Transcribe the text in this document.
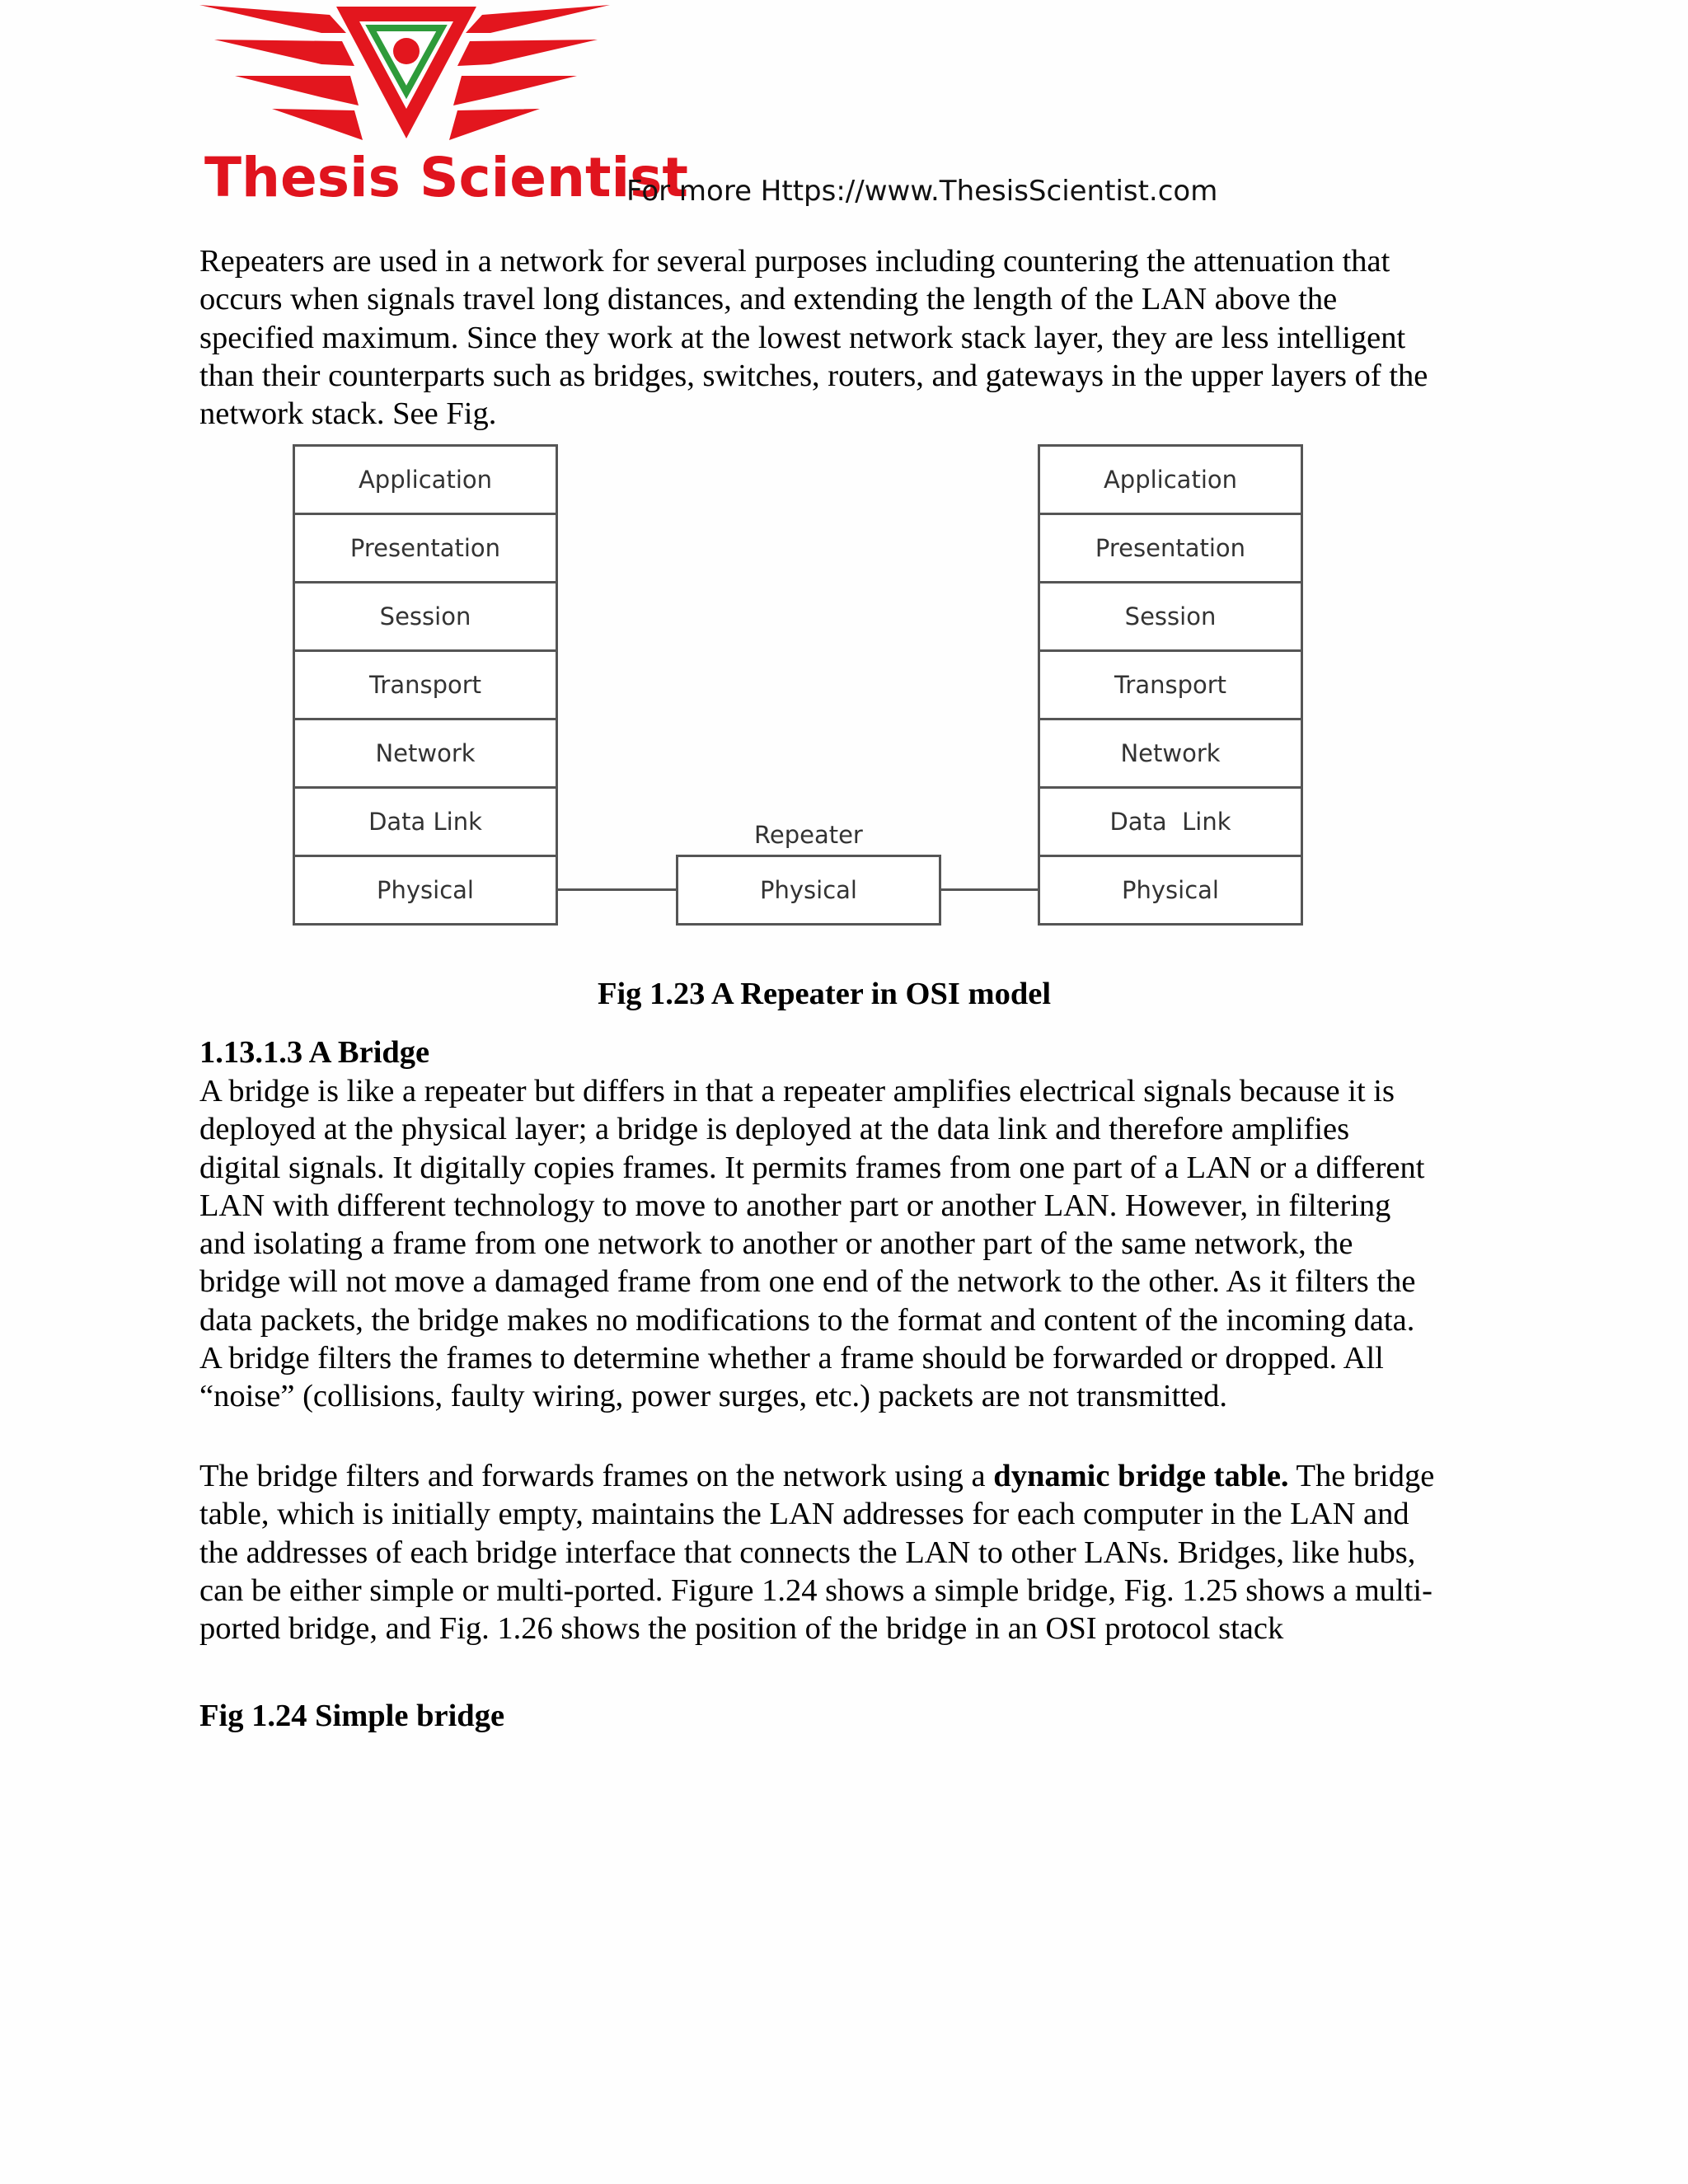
Thesis Scientist
For more Https://www.ThesisScientist.com

Repeaters are used in a network for several purposes including countering the attenuation that
occurs when signals travel long distances, and extending the length of the LAN above the
specified maximum. Since they work at the lowest network stack layer, they are less intelligent
than their counterparts such as bridges, switches, routers, and gateways in the upper layers of the
network stack. See Fig.

Application
Presentation
Session
Transport
Network
Data Link
Physical
Repeater
Physical
Application
Presentation
Session
Transport
Network
Data  Link
Physical
Fig 1.23 A Repeater in OSI model
1.13.1.3 A Bridge

A bridge is like a repeater but differs in that a repeater amplifies electrical signals because it is
deployed at the physical layer; a bridge is deployed at the data link and therefore amplifies
digital signals. It digitally copies frames. It permits frames from one part of a LAN or a different
LAN with different technology to move to another part or another LAN. However, in filtering
and isolating a frame from one network to another or another part of the same network, the
bridge will not move a damaged frame from one end of the network to the other. As it filters the
data packets, the bridge makes no modifications to the format and content of the incoming data.
A bridge filters the frames to determine whether a frame should be forwarded or dropped. All
“noise” (collisions, faulty wiring, power surges, etc.) packets are not transmitted.

The bridge filters and forwards frames on the network using a dynamic bridge table. The bridge
table, which is initially empty, maintains the LAN addresses for each computer in the LAN and
the addresses of each bridge interface that connects the LAN to other LANs. Bridges, like hubs,
can be either simple or multi-ported. Figure 1.24 shows a simple bridge, Fig. 1.25 shows a multi-
ported bridge, and Fig. 1.26 shows the position of the bridge in an OSI protocol stack

Fig 1.24 Simple bridge
